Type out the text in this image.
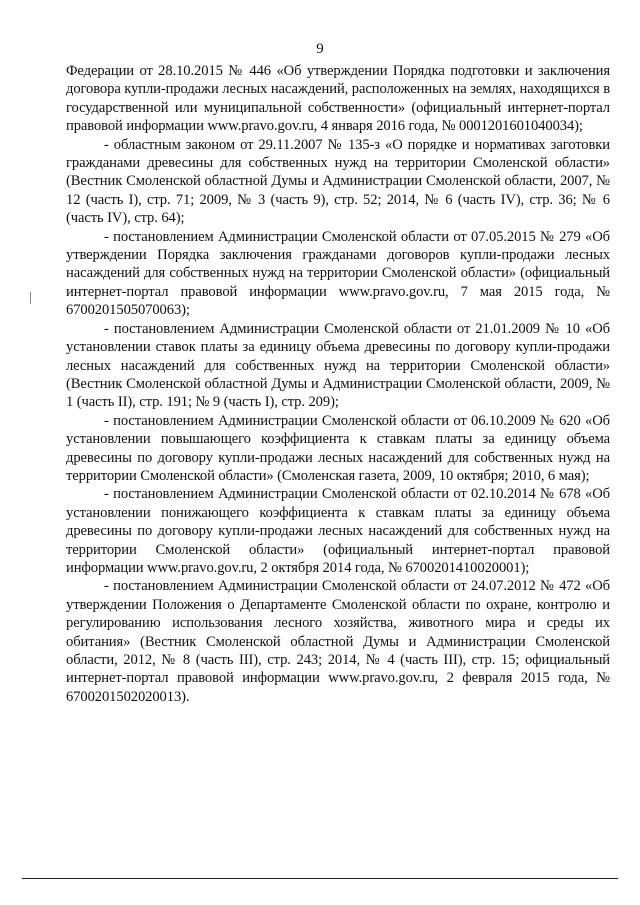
9

Федерации от 28.10.2015 № 446 «Об утверждении Порядка подготовки и заключения договора купли-продажи лесных насаждений, расположенных на землях, находящихся в государственной или муниципальной собственности» (официальный интернет-портал правовой информации www.pravo.gov.ru, 4 января 2016 года, № 0001201601040034);

- областным законом от 29.11.2007 № 135-з «О порядке и нормативах заготовки гражданами древесины для собственных нужд на территории Смоленской области» (Вестник Смоленской областной Думы и Администрации Смоленской области, 2007, № 12 (часть I), стр. 71; 2009, № 3 (часть 9), стр. 52; 2014, № 6 (часть IV), стр. 36; № 6 (часть IV), стр. 64);

- постановлением Администрации Смоленской области от 07.05.2015 № 279 «Об утверждении Порядка заключения гражданами договоров купли-продажи лесных насаждений для собственных нужд на территории Смоленской области» (официальный интернет-портал правовой информации www.pravo.gov.ru, 7 мая 2015 года, № 6700201505070063);

- постановлением Администрации Смоленской области от 21.01.2009 № 10 «Об установлении ставок платы за единицу объема древесины по договору купли-продажи лесных насаждений для собственных нужд на территории Смоленской области» (Вестник Смоленской областной Думы и Администрации Смоленской области, 2009, № 1 (часть II), стр. 191; № 9 (часть I), стр. 209);

- постановлением Администрации Смоленской области от 06.10.2009 № 620 «Об установлении повышающего коэффициента к ставкам платы за единицу объема древесины по договору купли-продажи лесных насаждений для собственных нужд на территории Смоленской области» (Смоленская газета, 2009, 10 октября; 2010, 6 мая);

- постановлением Администрации Смоленской области от 02.10.2014 № 678 «Об установлении понижающего коэффициента к ставкам платы за единицу объема древесины по договору купли-продажи лесных насаждений для собственных нужд на территории Смоленской области» (официальный интернет-портал правовой информации www.pravo.gov.ru, 2 октября 2014 года, № 6700201410020001);

- постановлением Администрации Смоленской области от 24.07.2012 № 472 «Об утверждении Положения о Департаменте Смоленской области по охране, контролю и регулированию использования лесного хозяйства, животного мира и среды их обитания» (Вестник Смоленской областной Думы и Администрации Смоленской области, 2012, № 8 (часть III), стр. 243; 2014, № 4 (часть III), стр. 15; официальный интернет-портал правовой информации www.pravo.gov.ru, 2 февраля 2015 года, № 6700201502020013).
